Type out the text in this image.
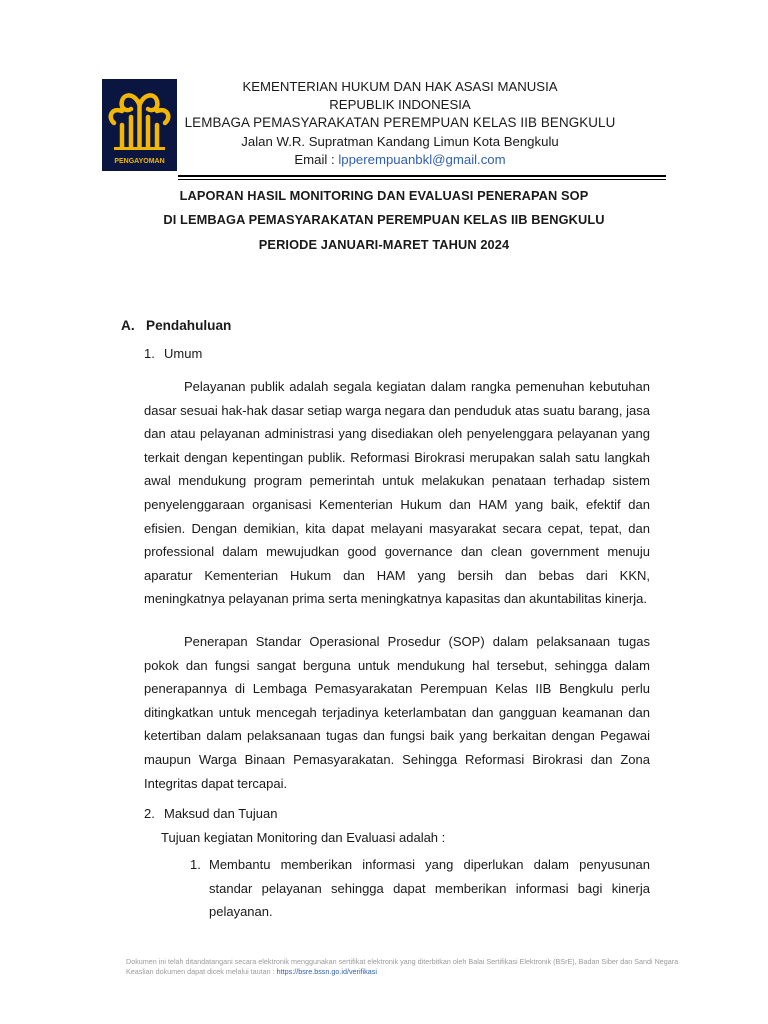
PENGAYOMAN
KEMENTERIAN HUKUM DAN HAK ASASI MANUSIA
REPUBLIK INDONESIA
LEMBAGA PEMASYARAKATAN PEREMPUAN KELAS IIB BENGKULU
Jalan W.R. Supratman Kandang Limun Kota Bengkulu
Email : lpperempuanbkl@gmail.com
LAPORAN HASIL MONITORING DAN EVALUASI PENERAPAN SOP
DI LEMBAGA PEMASYARAKATAN PEREMPUAN KELAS IIB BENGKULU
PERIODE JANUARI-MARET TAHUN 2024
A. Pendahuluan
1. Umum

Pelayanan publik adalah segala kegiatan dalam rangka pemenuhan kebutuhan dasar sesuai hak-hak dasar setiap warga negara dan penduduk atas suatu barang, jasa dan atau pelayanan administrasi yang disediakan oleh penyelenggara pelayanan yang terkait dengan kepentingan publik. Reformasi Birokrasi merupakan salah satu langkah awal mendukung program pemerintah untuk melakukan penataan terhadap sistem penyelenggaraan organisasi Kementerian Hukum dan HAM yang baik, efektif dan efisien. Dengan demikian, kita dapat melayani masyarakat secara cepat, tepat, dan professional dalam mewujudkan good governance dan clean government menuju aparatur Kementerian Hukum dan HAM yang bersih dan bebas dari KKN, meningkatnya pelayanan prima serta meningkatnya kapasitas dan akuntabilitas kinerja.

Penerapan Standar Operasional Prosedur (SOP) dalam pelaksanaan tugas pokok dan fungsi sangat berguna untuk mendukung hal tersebut, sehingga dalam penerapannya di Lembaga Pemasyarakatan Perempuan Kelas IIB Bengkulu perlu ditingkatkan untuk mencegah terjadinya keterlambatan dan gangguan keamanan dan ketertiban dalam pelaksanaan tugas dan fungsi baik yang berkaitan dengan Pegawai maupun Warga Binaan Pemasyarakatan. Sehingga Reformasi Birokrasi dan Zona Integritas dapat tercapai.

2. Maksud dan Tujuan
Tujuan kegiatan Monitoring dan Evaluasi adalah :
1. Membantu memberikan informasi yang diperlukan dalam penyusunan standar pelayanan sehingga dapat memberikan informasi bagi kinerja pelayanan.

Dokumen ini telah ditandatangani secara elektronik menggunakan sertifikat elektronik yang diterbitkan oleh Balai Sertifikasi Elektronik (BSrE), Badan Siber dan Sandi Negara
Keaslian dokumen dapat dicek melalui tautan : https://bsre.bssn.go.id/verifikasi
